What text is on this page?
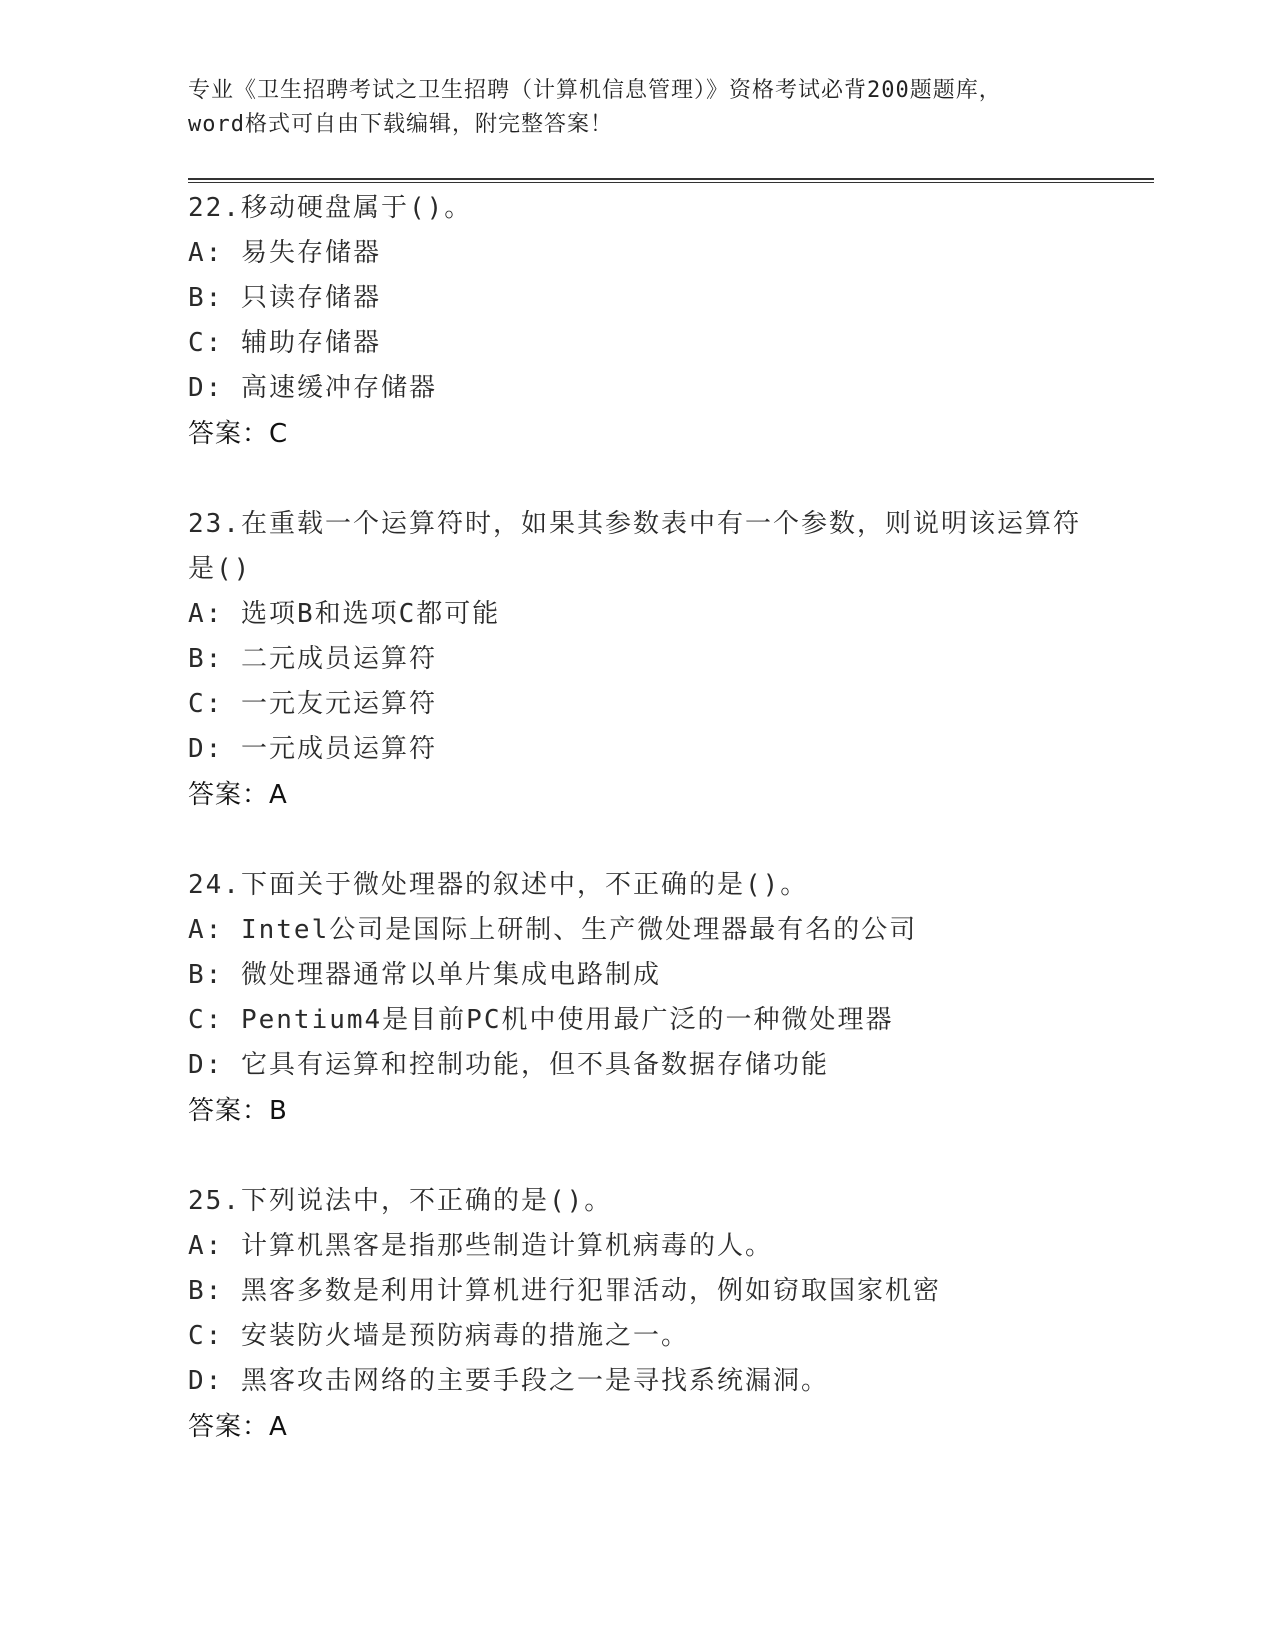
专业《卫生招聘考试之卫生招聘（计算机信息管理）》资格考试必背200题题库，
word格式可自由下载编辑，附完整答案！
22.移动硬盘属于()。
A: 易失存储器
B: 只读存储器
C: 辅助存储器
D: 高速缓冲存储器
答案：C
23.在重载一个运算符时，如果其参数表中有一个参数，则说明该运算符是()
A: 选项B和选项C都可能
B: 二元成员运算符
C: 一元友元运算符
D: 一元成员运算符
答案：A
24.下面关于微处理器的叙述中，不正确的是()。
A: Intel公司是国际上研制、生产微处理器最有名的公司
B: 微处理器通常以单片集成电路制成
C: Pentium4是目前PC机中使用最广泛的一种微处理器
D: 它具有运算和控制功能，但不具备数据存储功能
答案：B
25.下列说法中，不正确的是()。
A: 计算机黑客是指那些制造计算机病毒的人。
B: 黑客多数是利用计算机进行犯罪活动，例如窃取国家机密
C: 安装防火墙是预防病毒的措施之一。
D: 黑客攻击网络的主要手段之一是寻找系统漏洞。
答案：A
